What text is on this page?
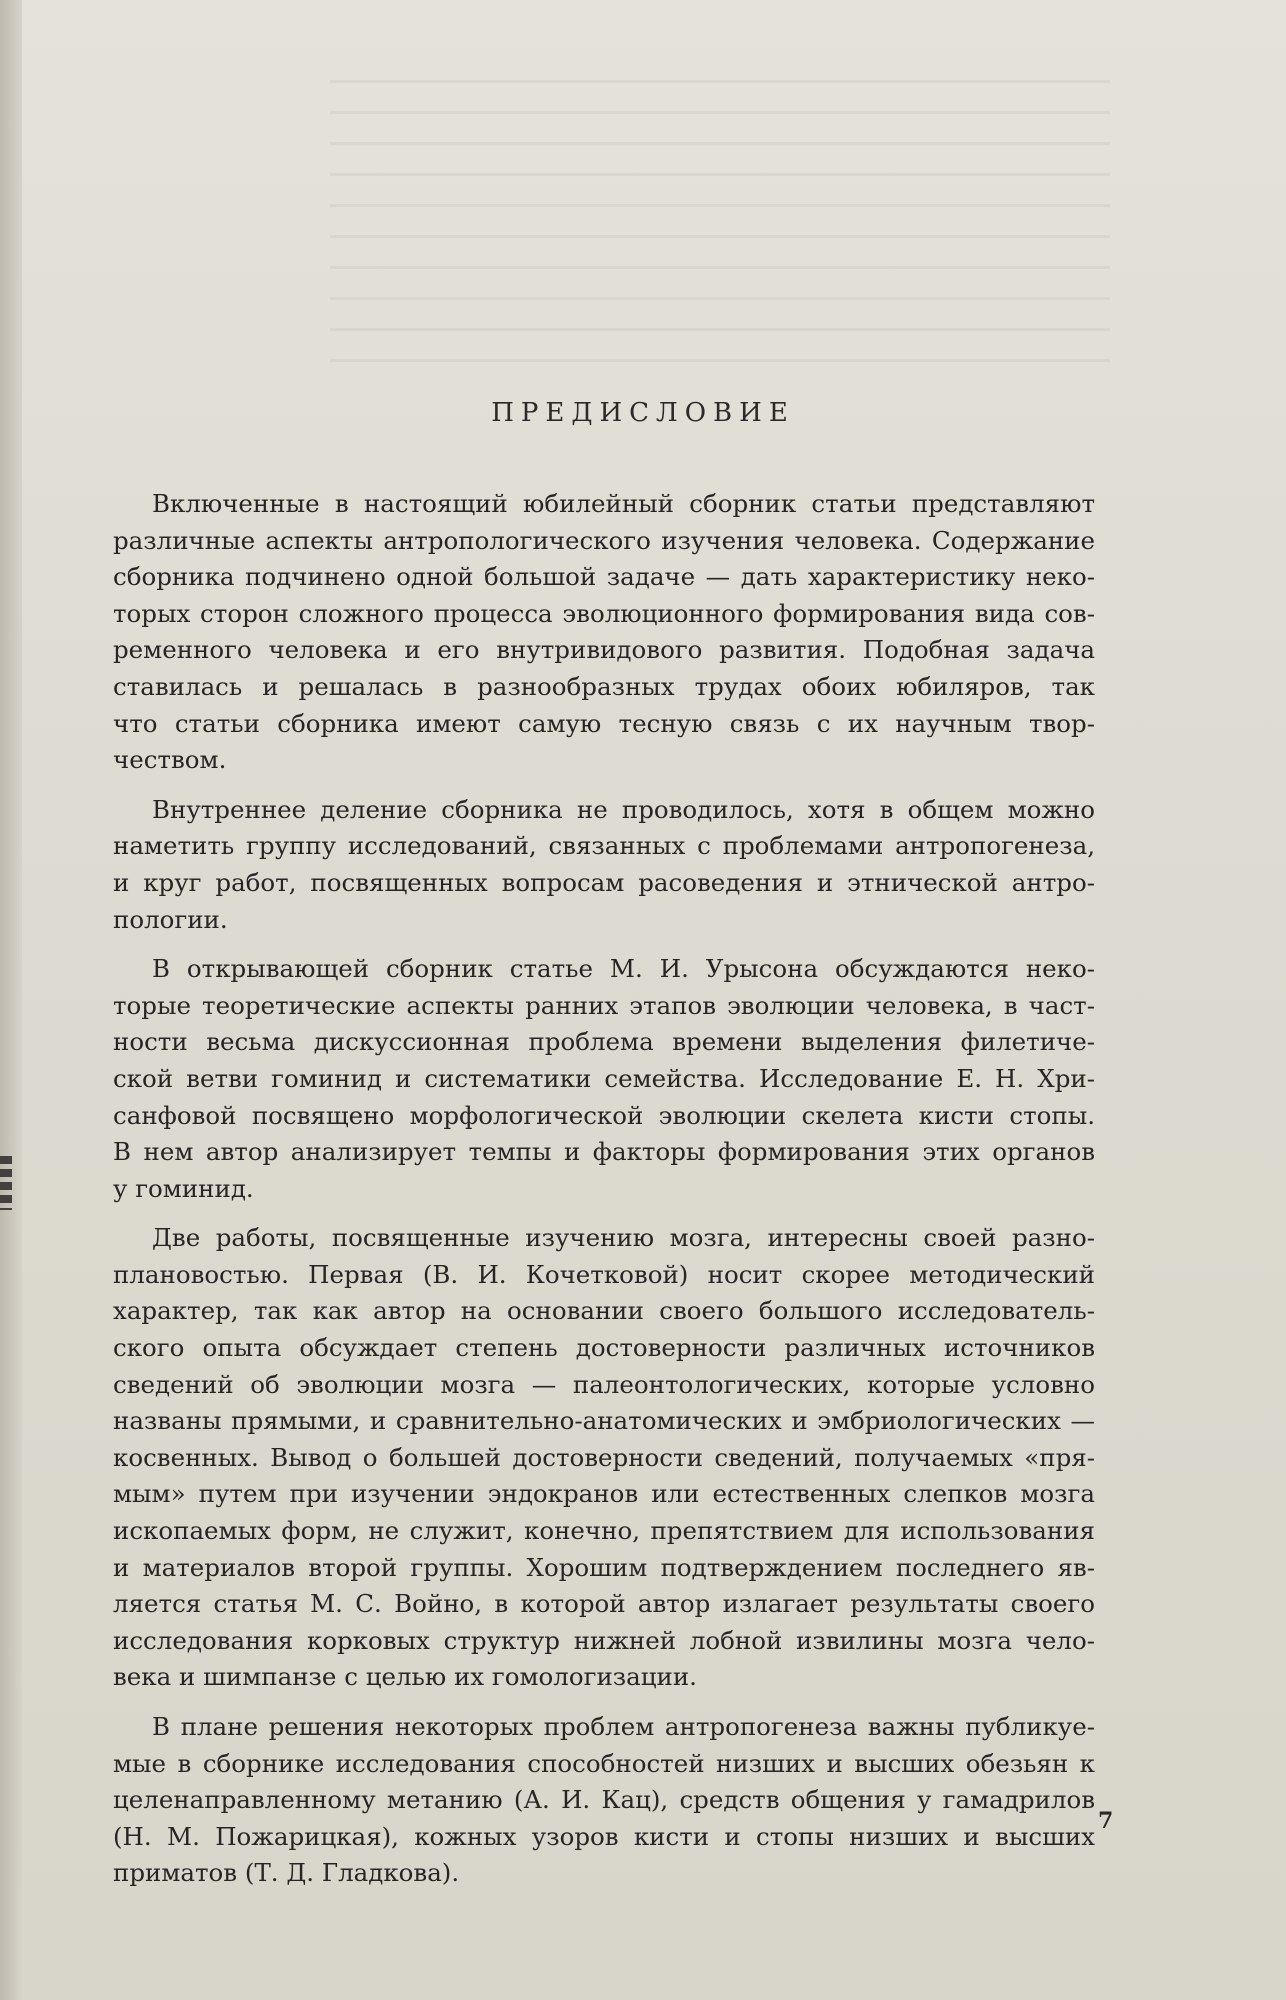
ПРЕДИСЛОВИЕ
Включенные в настоящий юбилейный сборник статьи представляют
различные аспекты антропологического изучения человека. Содержание
сборника подчинено одной большой задаче — дать характеристику неко-
торых сторон сложного процесса эволюционного формирования вида сов-
ременного человека и его внутривидового развития. Подобная задача
ставилась и решалась в разнообразных трудах обоих юбиляров, так
что статьи сборника имеют самую тесную связь с их научным твор-
чеством.
Внутреннее деление сборника не проводилось, хотя в общем можно
наметить группу исследований, связанных с проблемами антропогенеза,
и круг работ, посвященных вопросам расоведения и этнической антро-
пологии.
В открывающей сборник статье М. И. Урысона обсуждаются неко-
торые теоретические аспекты ранних этапов эволюции человека, в част-
ности весьма дискуссионная проблема времени выделения филетиче-
ской ветви гоминид и систематики семейства. Исследование Е. Н. Хри-
санфовой посвящено морфологической эволюции скелета кисти стопы.
В нем автор анализирует темпы и факторы формирования этих органов
у гоминид.
Две работы, посвященные изучению мозга, интересны своей разно-
плановостью. Первая (В. И. Кочетковой) носит скорее методический
характер, так как автор на основании своего большого исследователь-
ского опыта обсуждает степень достоверности различных источников
сведений об эволюции мозга — палеонтологических, которые условно
названы прямыми, и сравнительно-анатомических и эмбриологических —
косвенных. Вывод о большей достоверности сведений, получаемых «пря-
мым» путем при изучении эндокранов или естественных слепков мозга
ископаемых форм, не служит, конечно, препятствием для использования
и материалов второй группы. Хорошим подтверждением последнего яв-
ляется статья М. С. Войно, в которой автор излагает результаты своего
исследования корковых структур нижней лобной извилины мозга чело-
века и шимпанзе с целью их гомологизации.
В плане решения некоторых проблем антропогенеза важны публикуе-
мые в сборнике исследования способностей низших и высших обезьян к
целенаправленному метанию (А. И. Кац), средств общения у гамадрилов
(Н. М. Пожарицкая), кожных узоров кисти и стопы низших и высших
приматов (Т. Д. Гладкова).
7
